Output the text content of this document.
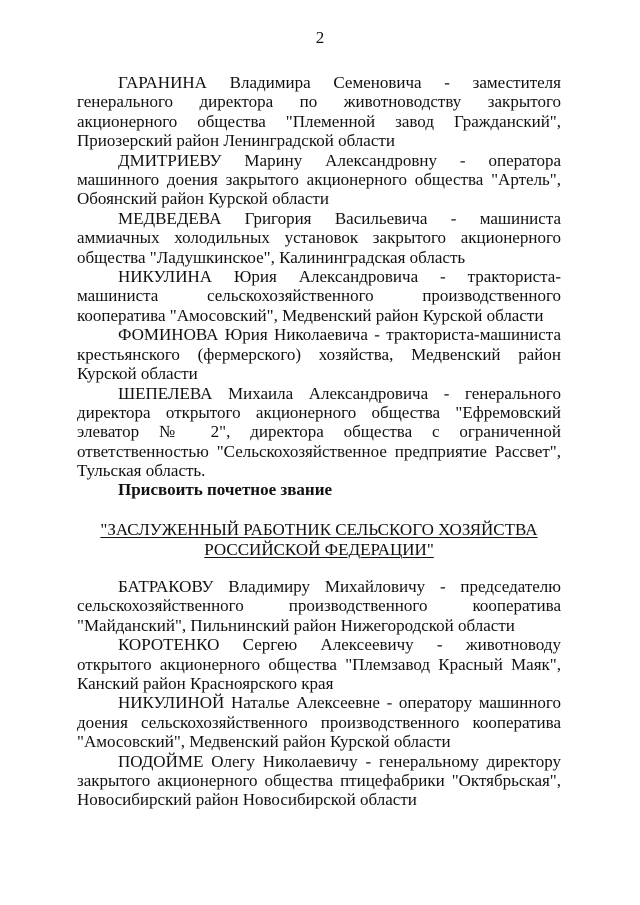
2

ГАРАНИНА Владимира Семеновича - заместителя генерального директора по животноводству закрытого акционерного общества "Племенной завод Гражданский", Приозерский район Ленинградской области

ДМИТРИЕВУ Марину Александровну - оператора машинного доения закрытого акционерного общества "Артель", Обоянский район Курской области

МЕДВЕДЕВА Григория Васильевича - машиниста аммиачных холодильных установок закрытого акционерного общества "Ладушкинское", Калининградская область

НИКУЛИНА Юрия Александровича - тракториста-машиниста сельскохозяйственного производственного кооператива "Амосовский", Медвенский район Курской области

ФОМИНОВА Юрия Николаевича - тракториста-машиниста крестьянского (фермерского) хозяйства, Медвенский район Курской области

ШЕПЕЛЕВА Михаила Александровича - генерального директора открытого акционерного общества "Ефремовский элеватор № 2", директора общества с ограниченной ответственностью "Сельскохозяйственное предприятие Рассвет", Тульская область.

Присвоить почетное звание
"ЗАСЛУЖЕННЫЙ РАБОТНИК СЕЛЬСКОГО ХОЗЯЙСТВА
РОССИЙСКОЙ ФЕДЕРАЦИИ"

БАТРАКОВУ Владимиру Михайловичу - председателю сельскохозяйственного производственного кооператива "Майданский", Пильнинский район Нижегородской области

КОРОТЕНКО Сергею Алексеевичу - животноводу открытого акционерного общества "Племзавод Красный Маяк", Канский район Красноярского края

НИКУЛИНОЙ Наталье Алексеевне - оператору машинного доения сельскохозяйственного производственного кооператива "Амосовский", Медвенский район Курской области

ПОДОЙМЕ Олегу Николаевичу - генеральному директору закрытого акционерного общества птицефабрики "Октябрьская", Новосибирский район Новосибирской области
